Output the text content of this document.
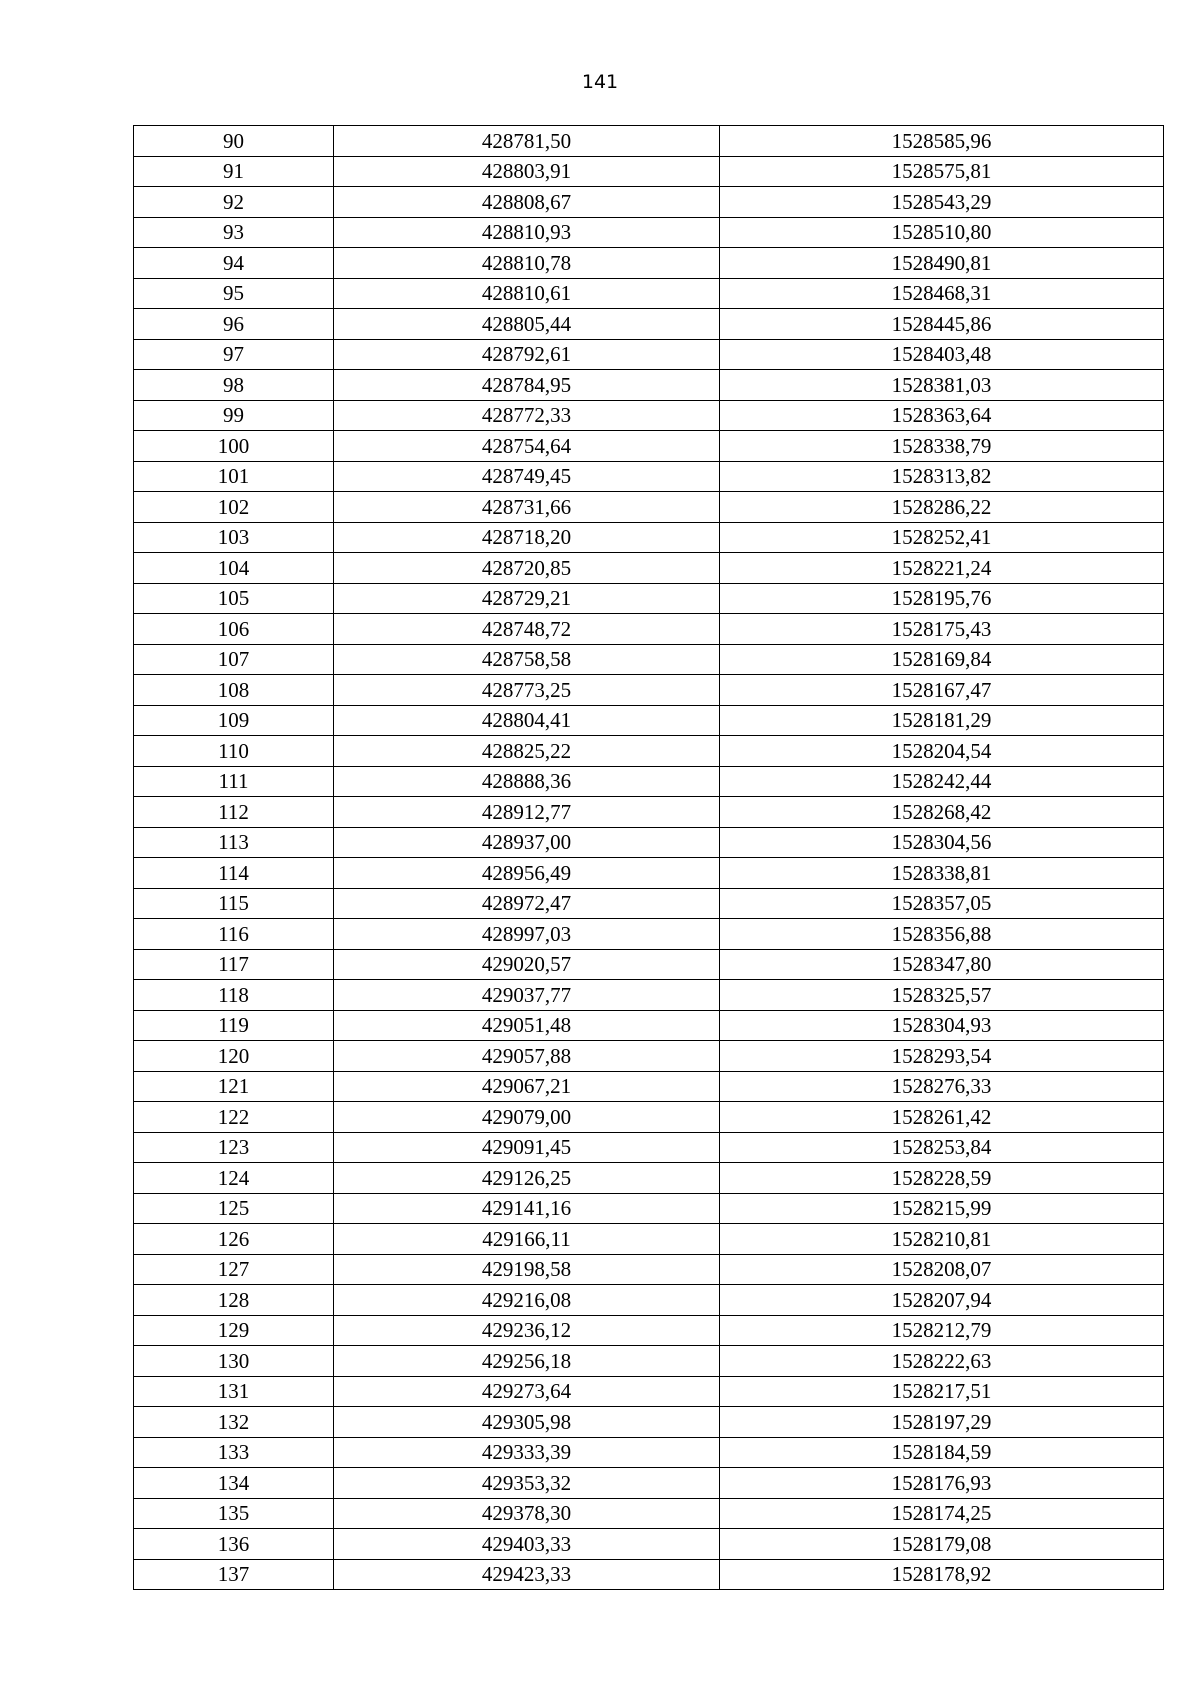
141
90	428781,50	1528585,96
91	428803,91	1528575,81
92	428808,67	1528543,29
93	428810,93	1528510,80
94	428810,78	1528490,81
95	428810,61	1528468,31
96	428805,44	1528445,86
97	428792,61	1528403,48
98	428784,95	1528381,03
99	428772,33	1528363,64
100	428754,64	1528338,79
101	428749,45	1528313,82
102	428731,66	1528286,22
103	428718,20	1528252,41
104	428720,85	1528221,24
105	428729,21	1528195,76
106	428748,72	1528175,43
107	428758,58	1528169,84
108	428773,25	1528167,47
109	428804,41	1528181,29
110	428825,22	1528204,54
111	428888,36	1528242,44
112	428912,77	1528268,42
113	428937,00	1528304,56
114	428956,49	1528338,81
115	428972,47	1528357,05
116	428997,03	1528356,88
117	429020,57	1528347,80
118	429037,77	1528325,57
119	429051,48	1528304,93
120	429057,88	1528293,54
121	429067,21	1528276,33
122	429079,00	1528261,42
123	429091,45	1528253,84
124	429126,25	1528228,59
125	429141,16	1528215,99
126	429166,11	1528210,81
127	429198,58	1528208,07
128	429216,08	1528207,94
129	429236,12	1528212,79
130	429256,18	1528222,63
131	429273,64	1528217,51
132	429305,98	1528197,29
133	429333,39	1528184,59
134	429353,32	1528176,93
135	429378,30	1528174,25
136	429403,33	1528179,08
137	429423,33	1528178,92
